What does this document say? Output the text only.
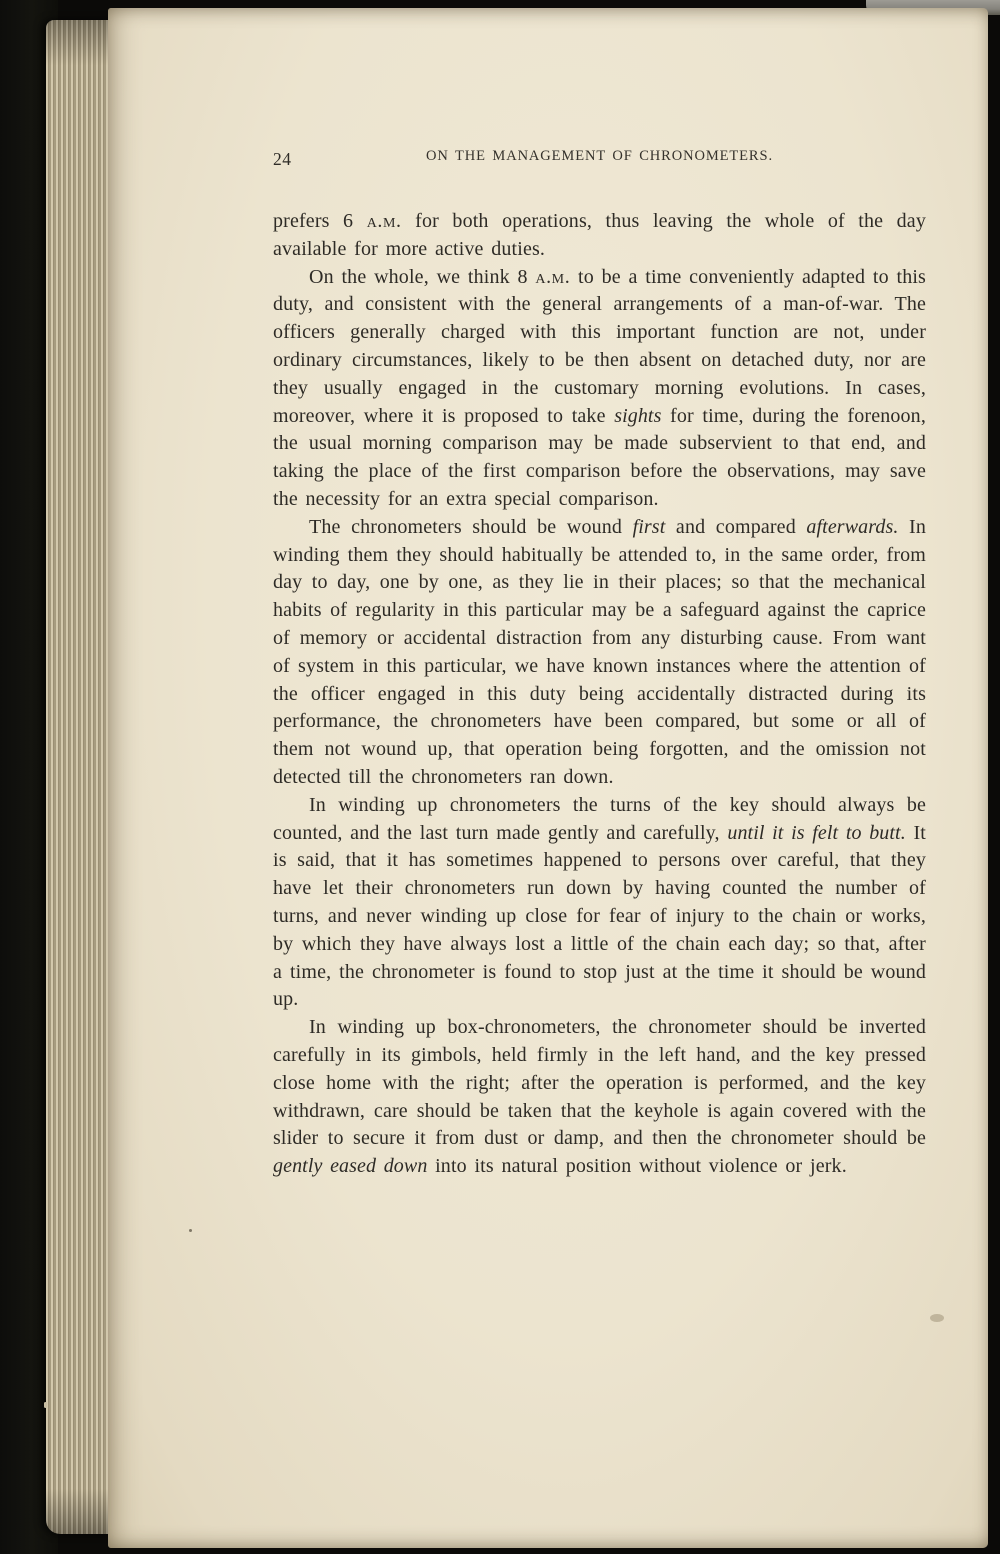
24	ON THE MANAGEMENT OF CHRONOMETERS.

prefers 6 a.m. for both operations, thus leaving the whole of the day available for more active duties.

On the whole, we think 8 a.m. to be a time conveniently adapted to this duty, and consistent with the general arrangements of a man-of-war. The officers generally charged with this important function are not, under ordinary circumstances, likely to be then absent on detached duty, nor are they usually engaged in the customary morning evolutions. In cases, moreover, where it is proposed to take sights for time, during the forenoon, the usual morning comparison may be made subservient to that end, and taking the place of the first comparison before the observations, may save the necessity for an extra special comparison.

The chronometers should be wound first and compared afterwards. In winding them they should habitually be attended to, in the same order, from day to day, one by one, as they lie in their places; so that the mechanical habits of regularity in this particular may be a safeguard against the caprice of memory or accidental distraction from any disturbing cause. From want of system in this particular, we have known instances where the attention of the officer engaged in this duty being accidentally distracted during its performance, the chronometers have been compared, but some or all of them not wound up, that operation being forgotten, and the omission not detected till the chronometers ran down.

In winding up chronometers the turns of the key should always be counted, and the last turn made gently and carefully, until it is felt to butt. It is said, that it has sometimes happened to persons over careful, that they have let their chronometers run down by having counted the number of turns, and never winding up close for fear of injury to the chain or works, by which they have always lost a little of the chain each day; so that, after a time, the chronometer is found to stop just at the time it should be wound up.

In winding up box-chronometers, the chronometer should be inverted carefully in its gimbols, held firmly in the left hand, and the key pressed close home with the right; after the operation is performed, and the key withdrawn, care should be taken that the keyhole is again covered with the slider to secure it from dust or damp, and then the chronometer should be gently eased down into its natural position without violence or jerk.
